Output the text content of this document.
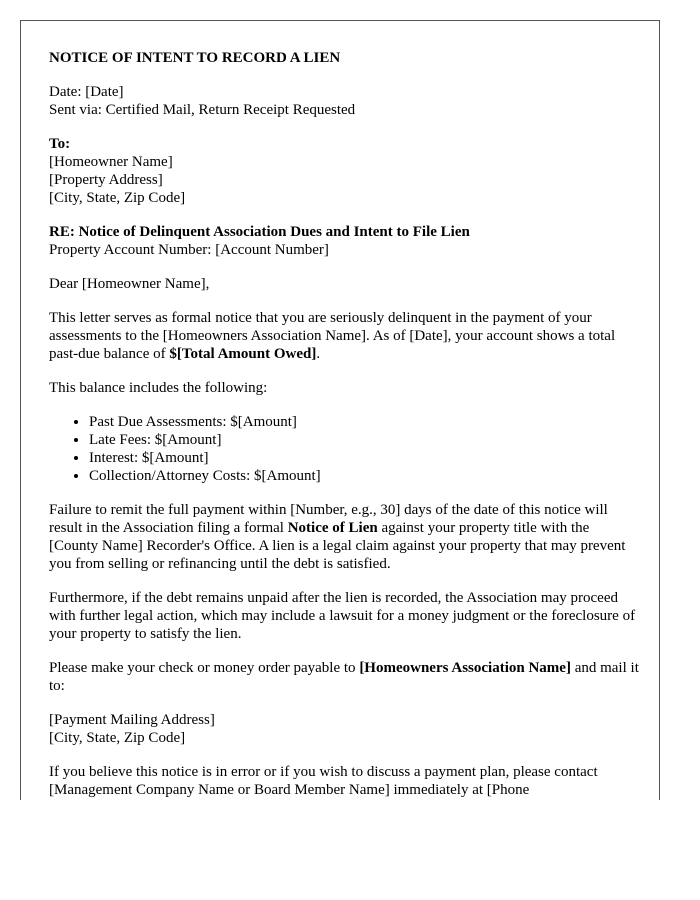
NOTICE OF INTENT TO RECORD A LIEN

Date: [Date]
Sent via: Certified Mail, Return Receipt Requested

To:
[Homeowner Name]
[Property Address]
[City, State, Zip Code]

RE: Notice of Delinquent Association Dues and Intent to File Lien
Property Account Number: [Account Number]

Dear [Homeowner Name],

This letter serves as formal notice that you are seriously delinquent in the payment of your assessments to the [Homeowners Association Name]. As of [Date], your account shows a total past-due balance of $[Total Amount Owed].

This balance includes the following:

• Past Due Assessments: $[Amount]
• Late Fees: $[Amount]
• Interest: $[Amount]
• Collection/Attorney Costs: $[Amount]

Failure to remit the full payment within [Number, e.g., 30] days of the date of this notice will result in the Association filing a formal Notice of Lien against your property title with the [County Name] Recorder's Office. A lien is a legal claim against your property that may prevent you from selling or refinancing until the debt is satisfied.

Furthermore, if the debt remains unpaid after the lien is recorded, the Association may proceed with further legal action, which may include a lawsuit for a money judgment or the foreclosure of your property to satisfy the lien.

Please make your check or money order payable to [Homeowners Association Name] and mail it to:

[Payment Mailing Address]
[City, State, Zip Code]

If you believe this notice is in error or if you wish to discuss a payment plan, please contact [Management Company Name or Board Member Name] immediately at [Phone
